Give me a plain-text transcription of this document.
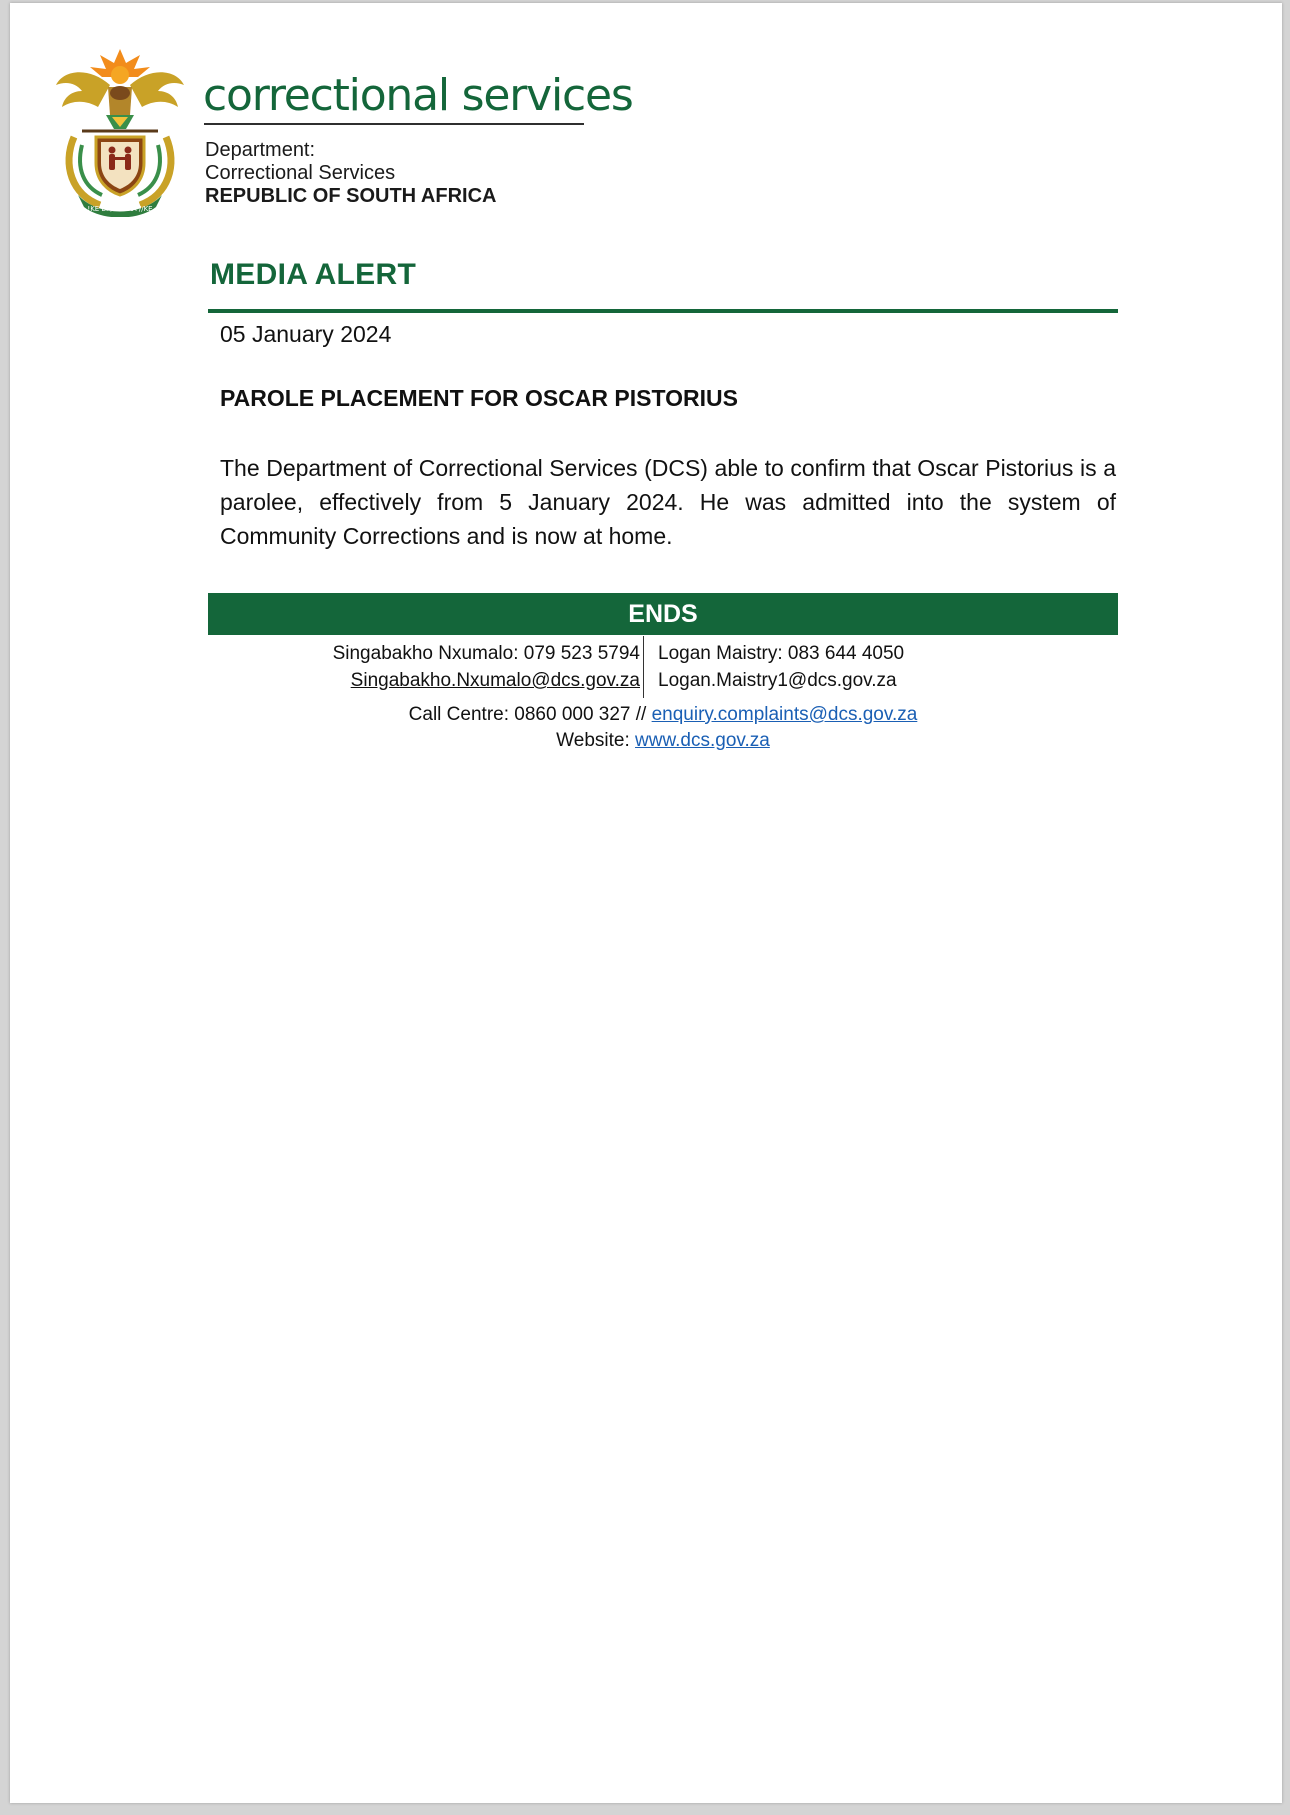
!KE E: /XARRA //KE
correctional services
Department:
Correctional Services
REPUBLIC OF SOUTH AFRICA
MEDIA ALERT
05 January 2024
PAROLE PLACEMENT FOR OSCAR PISTORIUS
The Department of Correctional Services (DCS) able to confirm that Oscar Pistorius is a parolee, effectively from 5 January 2024. He was admitted into the system of Community Corrections and is now at home.
ENDS
Singabakho Nxumalo: 079 523 5794
Singabakho.Nxumalo@dcs.gov.za
Logan Maistry: 083 644 4050
Logan.Maistry1@dcs.gov.za
Call Centre: 0860 000 327 // enquiry.complaints@dcs.gov.za
Website: www.dcs.gov.za
